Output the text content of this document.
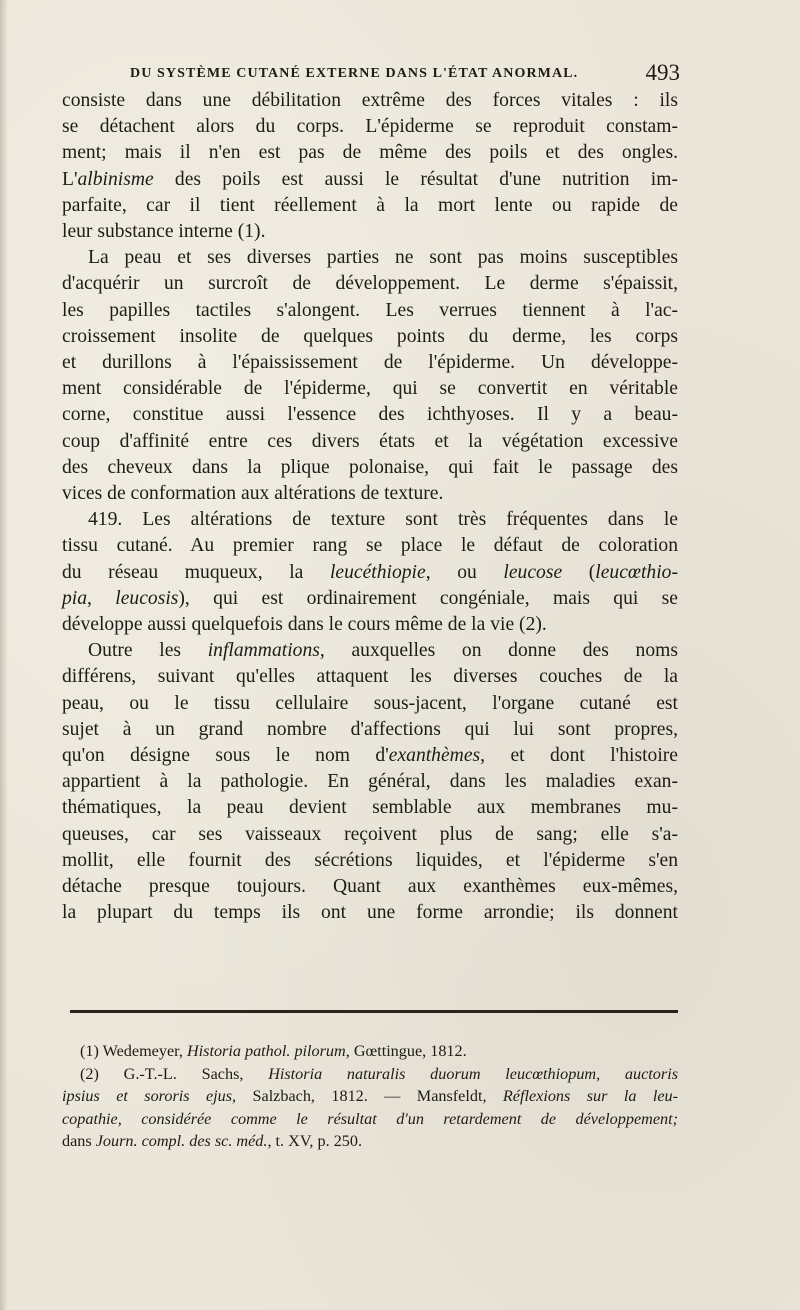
DU SYSTÈME CUTANÉ EXTERNE DANS L'ÉTAT ANORMAL.	493
consiste dans une débilitation extrême des forces vitales : ils
se détachent alors du corps. L'épiderme se reproduit constam-
ment; mais il n'en est pas de même des poils et des ongles.
L'albinisme des poils est aussi le résultat d'une nutrition im-
parfaite, car il tient réellement à la mort lente ou rapide de
leur substance interne (1).
La peau et ses diverses parties ne sont pas moins susceptibles
d'acquérir un surcroît de développement. Le derme s'épaissit,
les papilles tactiles s'alongent. Les verrues tiennent à l'ac-
croissement insolite de quelques points du derme, les corps
et durillons à l'épaississement de l'épiderme. Un développe-
ment considérable de l'épiderme, qui se convertit en véritable
corne, constitue aussi l'essence des ichthyoses. Il y a beau-
coup d'affinité entre ces divers états et la végétation excessive
des cheveux dans la plique polonaise, qui fait le passage des
vices de conformation aux altérations de texture.
419. Les altérations de texture sont très fréquentes dans le
tissu cutané. Au premier rang se place le défaut de coloration
du réseau muqueux, la leucéthiopie, ou leucose (leucœthio-
pia, leucosis), qui est ordinairement congéniale, mais qui se
développe aussi quelquefois dans le cours même de la vie (2).
Outre les inflammations, auxquelles on donne des noms
différens, suivant qu'elles attaquent les diverses couches de la
peau, ou le tissu cellulaire sous-jacent, l'organe cutané est
sujet à un grand nombre d'affections qui lui sont propres,
qu'on désigne sous le nom d'exanthèmes, et dont l'histoire
appartient à la pathologie. En général, dans les maladies exan-
thématiques, la peau devient semblable aux membranes mu-
queuses, car ses vaisseaux reçoivent plus de sang; elle s'a-
mollit, elle fournit des sécrétions liquides, et l'épiderme s'en
détache presque toujours. Quant aux exanthèmes eux-mêmes,
la plupart du temps ils ont une forme arrondie; ils donnent
(1) Wedemeyer, Historia pathol. pilorum, Gœttingue, 1812.
(2) G.-T.-L. Sachs, Historia naturalis duorum leucœthiopum, auctoris
ipsius et sororis ejus, Salzbach, 1812. — Mansfeldt, Réflexions sur la leu-
copathie, considérée comme le résultat d'un retardement de développement;
dans Journ. compl. des sc. méd., t. XV, p. 250.
